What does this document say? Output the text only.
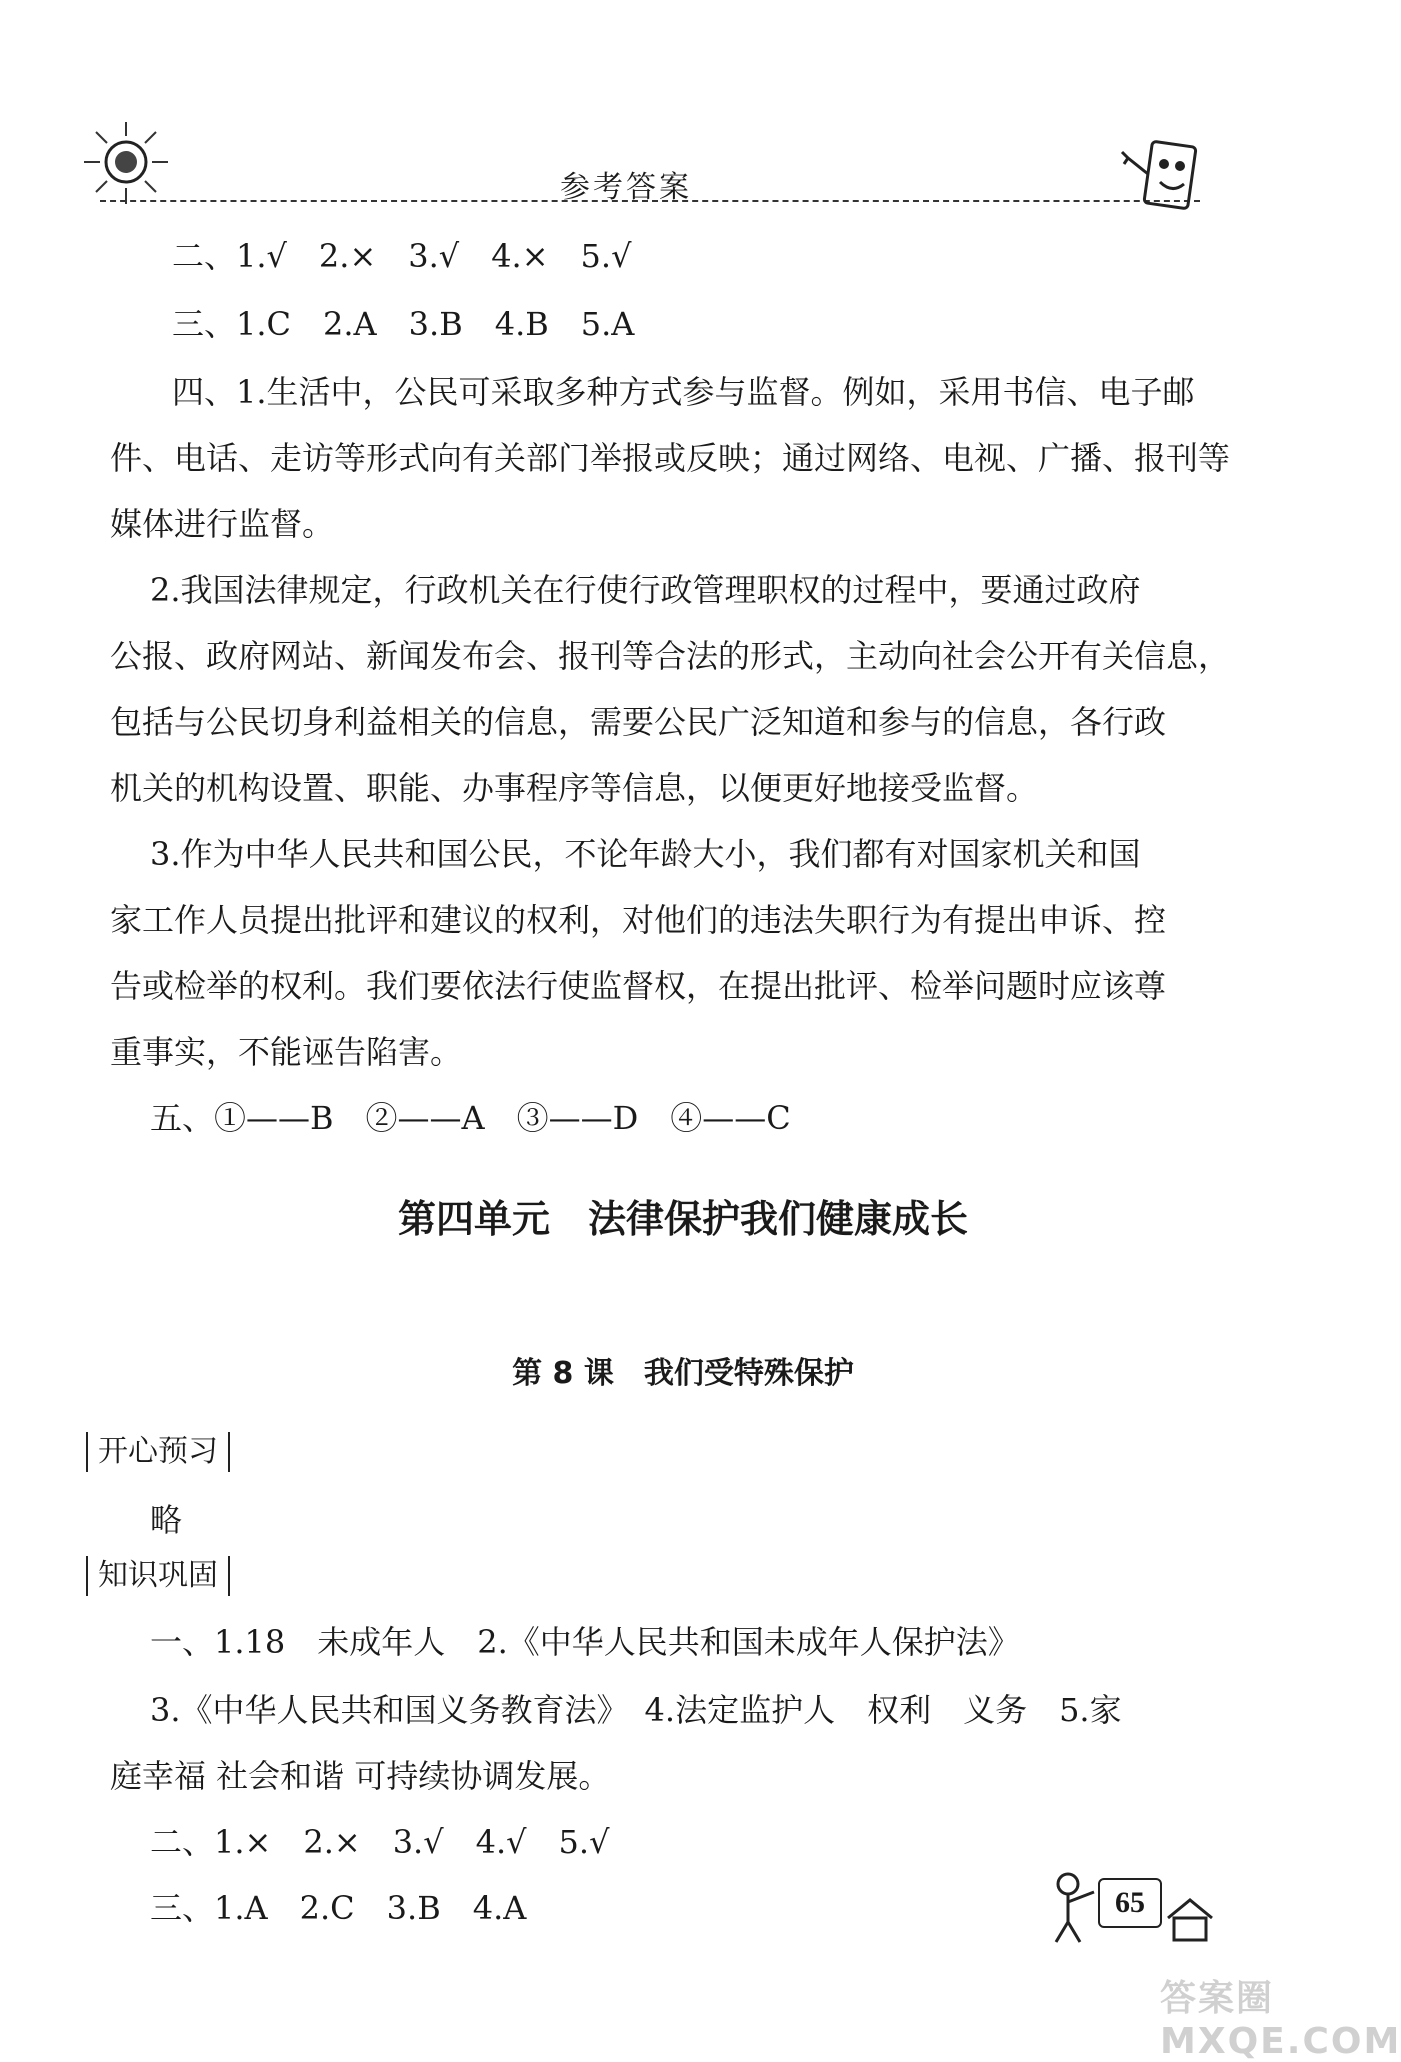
参考答案
二、1.√　2.×　3.√　4.×　5.√
三、1.C　2.A　3.B　4.B　5.A
四、1.生活中，公民可采取多种方式参与监督。例如，采用书信、电子邮
件、电话、走访等形式向有关部门举报或反映；通过网络、电视、广播、报刊等
媒体进行监督。
2.我国法律规定，行政机关在行使行政管理职权的过程中，要通过政府
公报、政府网站、新闻发布会、报刊等合法的形式，主动向社会公开有关信息，
包括与公民切身利益相关的信息，需要公民广泛知道和参与的信息，各行政
机关的机构设置、职能、办事程序等信息，以便更好地接受监督。
3.作为中华人民共和国公民，不论年龄大小，我们都有对国家机关和国
家工作人员提出批评和建议的权利，对他们的违法失职行为有提出申诉、控
告或检举的权利。我们要依法行使监督权，在提出批评、检举问题时应该尊
重事实，不能诬告陷害。
五、①——B　②——A　③——D　④——C
第四单元　法律保护我们健康成长
第 8 课　我们受特殊保护
开心预习
略
知识巩固
一、1.18　未成年人　2.《中华人民共和国未成年人保护法》
3.《中华人民共和国义务教育法》　4.法定监护人　权利　义务　5.家
庭幸福 社会和谐 可持续协调发展。
二、1.×　2.×　3.√　4.√　5.√
三、1.A　2.C　3.B　4.A	65
答案圈 MXQE.COM
